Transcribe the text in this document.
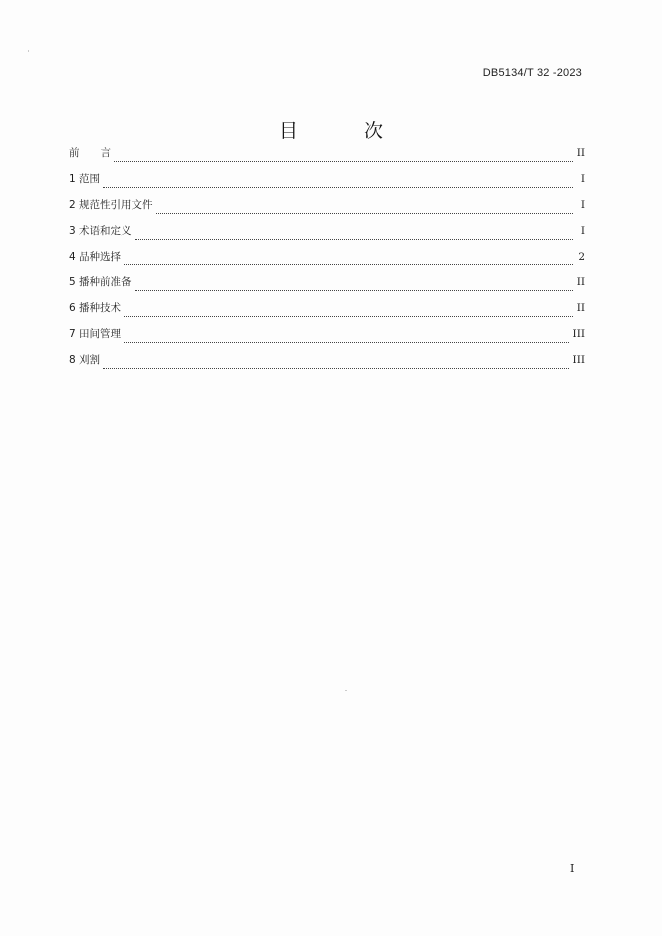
DB5134/T 32 -2023
目 次
前　　言	II
1 范围	I
2 规范性引用文件	I
3 术语和定义	I
4 品种选择	2
5 播种前准备	II
6 播种技术	II
7 田间管理	III
8 刈割	III
I
